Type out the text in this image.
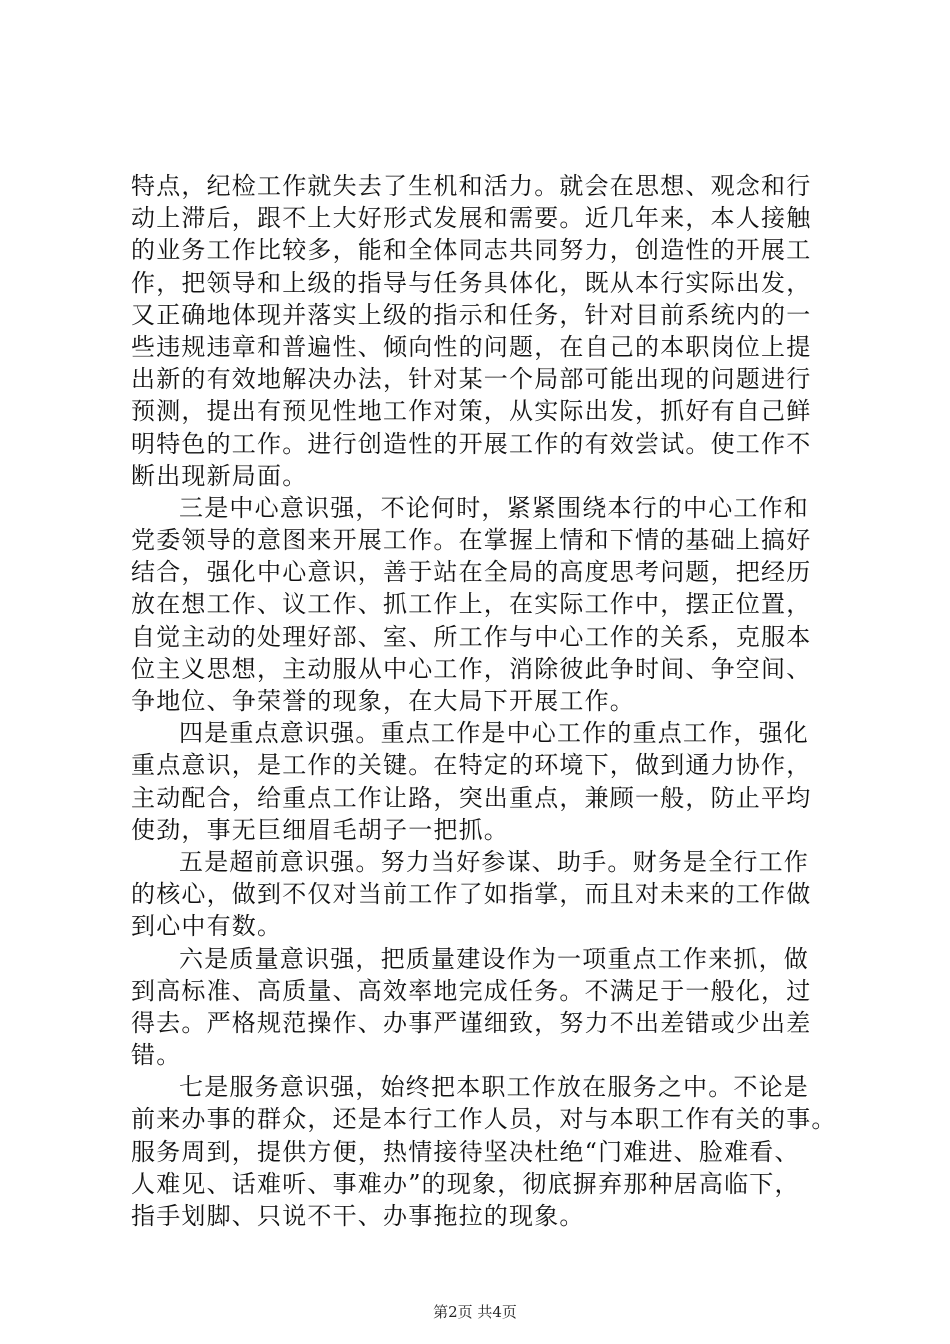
特点，纪检工作就失去了生机和活力。就会在思想、观念和行
动上滞后，跟不上大好形式发展和需要。近几年来，本人接触
的业务工作比较多，能和全体同志共同努力，创造性的开展工
作，把领导和上级的指导与任务具体化，既从本行实际出发，
又正确地体现并落实上级的指示和任务，针对目前系统内的一
些违规违章和普遍性、倾向性的问题，在自己的本职岗位上提
出新的有效地解决办法，针对某一个局部可能出现的问题进行
预测，提出有预见性地工作对策，从实际出发，抓好有自己鲜
明特色的工作。进行创造性的开展工作的有效尝试。使工作不
断出现新局面。
三是中心意识强，不论何时，紧紧围绕本行的中心工作和
党委领导的意图来开展工作。在掌握上情和下情的基础上搞好
结合，强化中心意识，善于站在全局的高度思考问题，把经历
放在想工作、议工作、抓工作上，在实际工作中，摆正位置，
自觉主动的处理好部、室、所工作与中心工作的关系，克服本
位主义思想，主动服从中心工作，消除彼此争时间、争空间、
争地位、争荣誉的现象，在大局下开展工作。
四是重点意识强。重点工作是中心工作的重点工作，强化
重点意识，是工作的关键。在特定的环境下，做到通力协作，
主动配合，给重点工作让路，突出重点，兼顾一般，防止平均
使劲，事无巨细眉毛胡子一把抓。
五是超前意识强。努力当好参谋、助手。财务是全行工作
的核心，做到不仅对当前工作了如指掌，而且对未来的工作做
到心中有数。
六是质量意识强，把质量建设作为一项重点工作来抓，做
到高标准、高质量、高效率地完成任务。不满足于一般化，过
得去。严格规范操作、办事严谨细致，努力不出差错或少出差
错。
七是服务意识强，始终把本职工作放在服务之中。不论是
前来办事的群众，还是本行工作人员，对与本职工作有关的事。
服务周到，提供方便，热情接待坚决杜绝“门难进、脸难看、
人难见、话难听、事难办”的现象，彻底摒弃那种居高临下，
指手划脚、只说不干、办事拖拉的现象。
第2页 共4页
